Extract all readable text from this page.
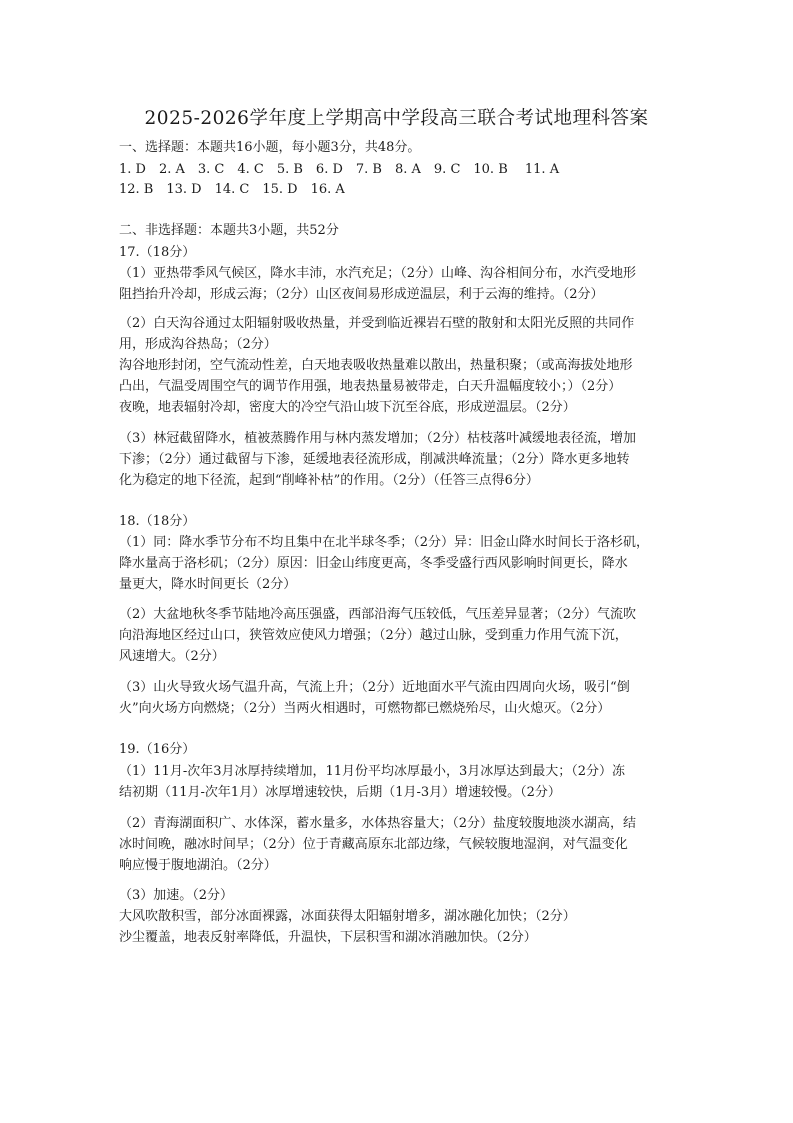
2025-2026学年度上学期高中学段高三联合考试地理科答案
一、选择题：本题共16小题，每小题3分，共48分。
1. D　2. A　3. C　4. C　5. B　6. D　7. B　8. A　9. C　10. B　 11. A
12. B　13. D　14. C　15. D　16. A
二、非选择题：本题共3小题，共52分
17.（18分）
（1）亚热带季风气候区，降水丰沛，水汽充足；（2分）山峰、沟谷相间分布，水汽受地形
阻挡抬升冷却，形成云海；（2分）山区夜间易形成逆温层，利于云海的维持。（2分）
（2）白天沟谷通过太阳辐射吸收热量，并受到临近裸岩石壁的散射和太阳光反照的共同作
用，形成沟谷热岛；（2分）
沟谷地形封闭，空气流动性差，白天地表吸收热量难以散出，热量积聚；（或高海拔处地形
凸出，气温受周围空气的调节作用强，地表热量易被带走，白天升温幅度较小；）（2分）
夜晚，地表辐射冷却，密度大的冷空气沿山坡下沉至谷底，形成逆温层。（2分）
（3）林冠截留降水，植被蒸腾作用与林内蒸发增加；（2分）枯枝落叶减缓地表径流，增加
下渗；（2分）通过截留与下渗，延缓地表径流形成，削减洪峰流量；（2分）降水更多地转
化为稳定的地下径流，起到“削峰补枯”的作用。（2分）（任答三点得6分）
18.（18分）
（1）同：降水季节分布不均且集中在北半球冬季；（2分）异：旧金山降水时间长于洛杉矶，
降水量高于洛杉矶；（2分）原因：旧金山纬度更高，冬季受盛行西风影响时间更长，降水
量更大，降水时间更长（2分）
（2）大盆地秋冬季节陆地冷高压强盛，西部沿海气压较低，气压差异显著；（2分）气流吹
向沿海地区经过山口，狭管效应使风力增强；（2分）越过山脉，受到重力作用气流下沉，
风速增大。（2分）
（3）山火导致火场气温升高，气流上升；（2分）近地面水平气流由四周向火场，吸引“倒
火”向火场方向燃烧；（2分）当两火相遇时，可燃物都已燃烧殆尽，山火熄灭。（2分）
19.（16分）
（1）11月-次年3月冰厚持续增加，11月份平均冰厚最小，3月冰厚达到最大；（2分）冻
结初期（11月-次年1月）冰厚增速较快，后期（1月-3月）增速较慢。（2分）
（2）青海湖面积广、水体深，蓄水量多，水体热容量大；（2分）盐度较腹地淡水湖高，结
冰时间晚，融冰时间早；（2分）位于青藏高原东北部边缘，气候较腹地湿润，对气温变化
响应慢于腹地湖泊。（2分）
（3）加速。（2分）
大风吹散积雪，部分冰面裸露，冰面获得太阳辐射增多，湖冰融化加快；（2分）
沙尘覆盖，地表反射率降低，升温快，下层积雪和湖冰消融加快。（2分）
